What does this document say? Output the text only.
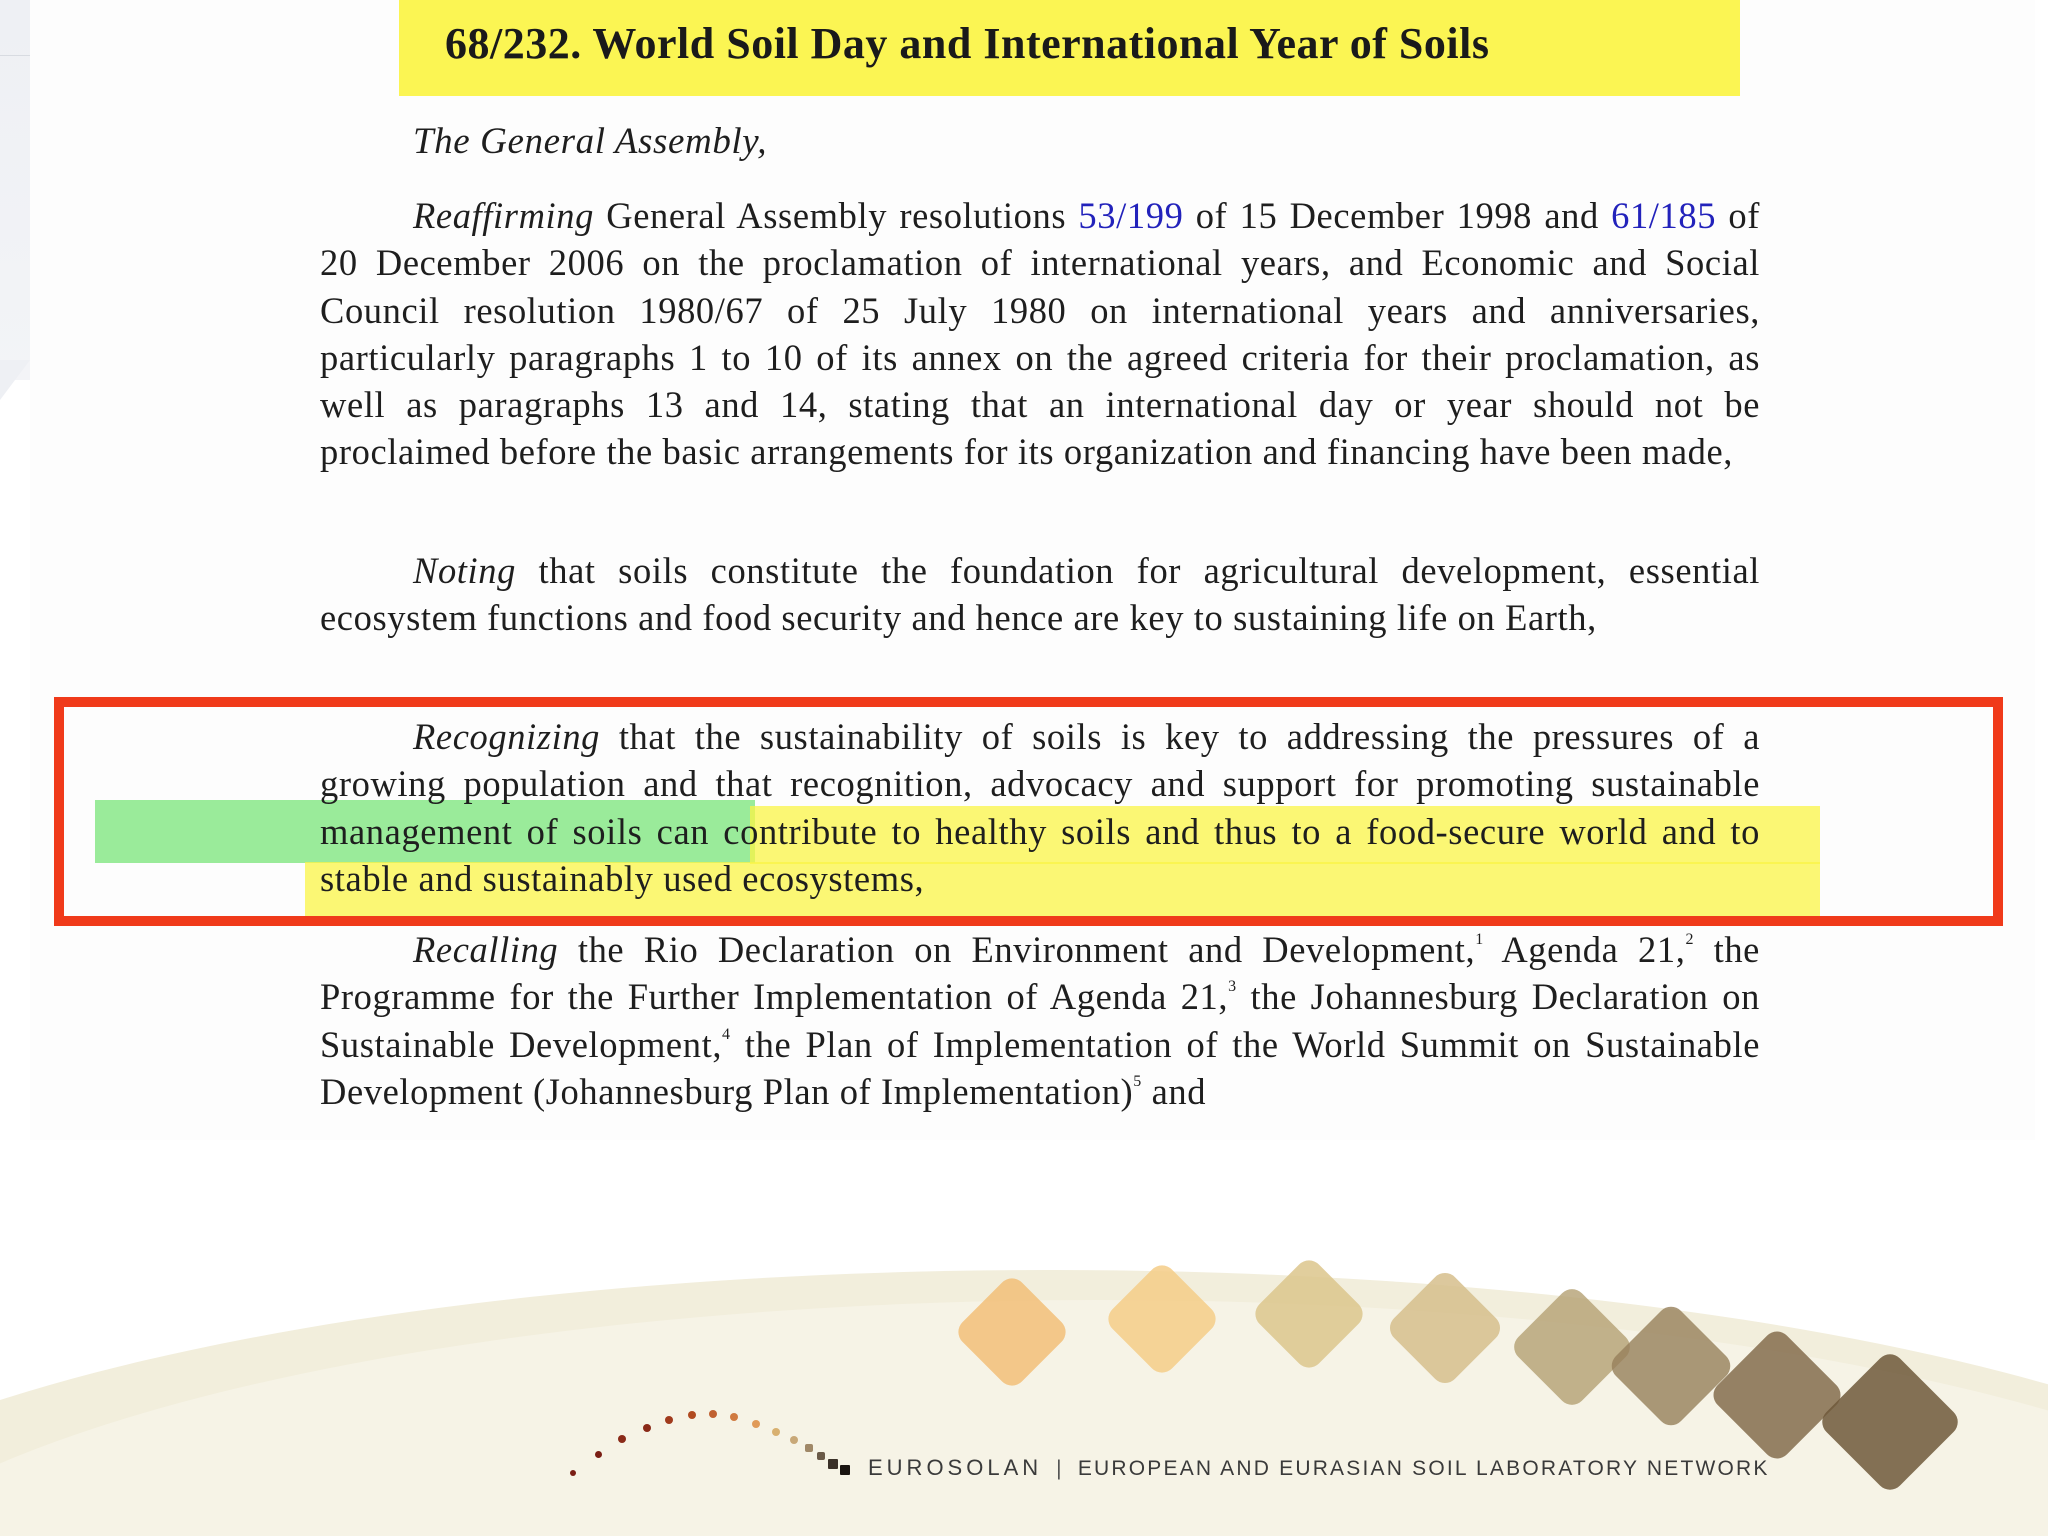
68/232. World Soil Day and International Year of Soils
The General Assembly,

Reaffirming General Assembly resolutions 53/199 of 15 December 1998 and 61/185 of 20 December 2006 on the proclamation of international years, and Economic and Social Council resolution 1980/67 of 25 July 1980 on international years and anniversaries, particularly paragraphs 1 to 10 of its annex on the agreed criteria for their proclamation, as well as paragraphs 13 and 14, stating that an international day or year should not be proclaimed before the basic arrangements for its organization and financing have been made,

Noting that soils constitute the foundation for agricultural development, essential ecosystem functions and food security and hence are key to sustaining life on Earth,

Recognizing that the sustainability of soils is key to addressing the pressures of a growing population and that recognition, advocacy and support for promoting sustainable management of soils can contribute to healthy soils and thus to a food-secure world and to stable and sustainably used ecosystems,

Recalling the Rio Declaration on Environment and Development,$^1$ Agenda 21,$^2$ the Programme for the Further Implementation of Agenda 21,$^3$ the Johannesburg Declaration on Sustainable Development,$^4$ the Plan of Implementation of the World Summit on Sustainable Development (Johannesburg Plan of Implementation)$^5$ and

EUROSOLAN | EUROPEAN AND EURASIAN SOIL LABORATORY NETWORK
